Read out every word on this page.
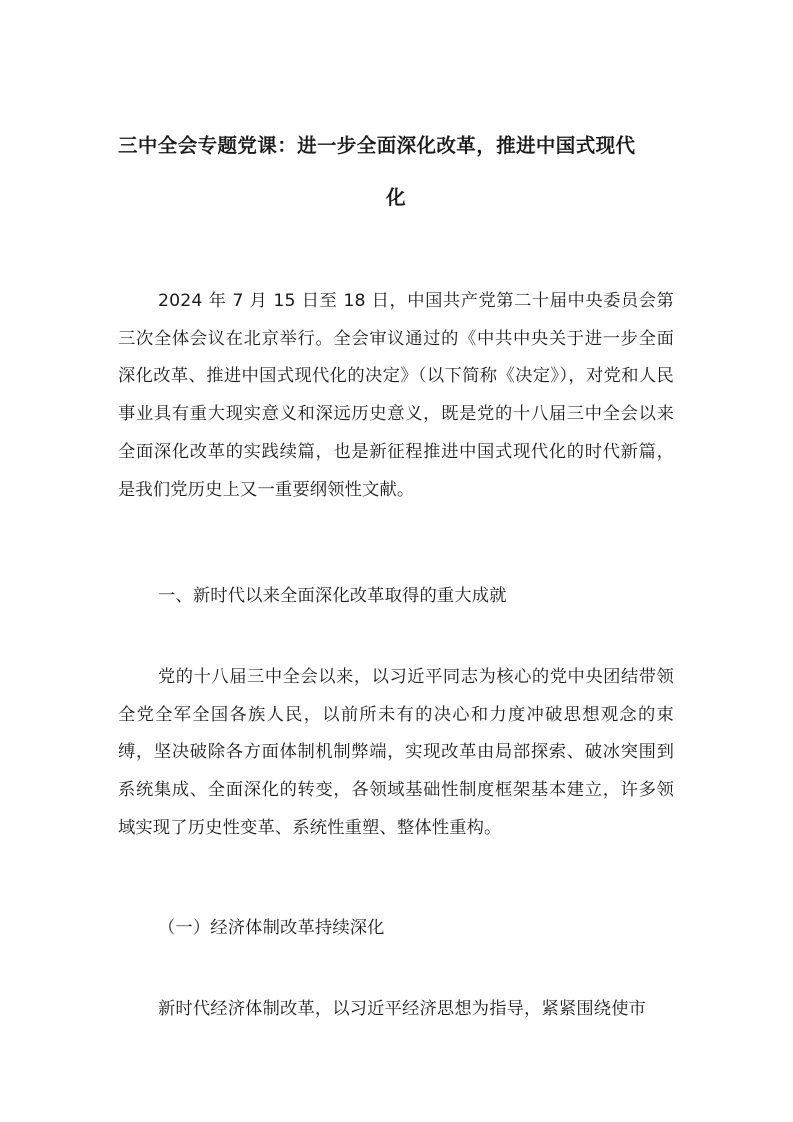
三中全会专题党课：进一步全面深化改革，推进中国式现代
化

2024 年 7 月 15 日至 18 日，中国共产党第二十届中央委员会第三次全体会议在北京举行。全会审议通过的《中共中央关于进一步全面深化改革、推进中国式现代化的决定》（以下简称《决定》），对党和人民事业具有重大现实意义和深远历史意义，既是党的十八届三中全会以来全面深化改革的实践续篇，也是新征程推进中国式现代化的时代新篇，是我们党历史上又一重要纲领性文献。

一、新时代以来全面深化改革取得的重大成就

党的十八届三中全会以来，以习近平同志为核心的党中央团结带领全党全军全国各族人民，以前所未有的决心和力度冲破思想观念的束缚，坚决破除各方面体制机制弊端，实现改革由局部探索、破冰突围到系统集成、全面深化的转变，各领域基础性制度框架基本建立，许多领域实现了历史性变革、系统性重塑、整体性重构。

（一）经济体制改革持续深化

新时代经济体制改革，以习近平经济思想为指导，紧紧围绕使市
